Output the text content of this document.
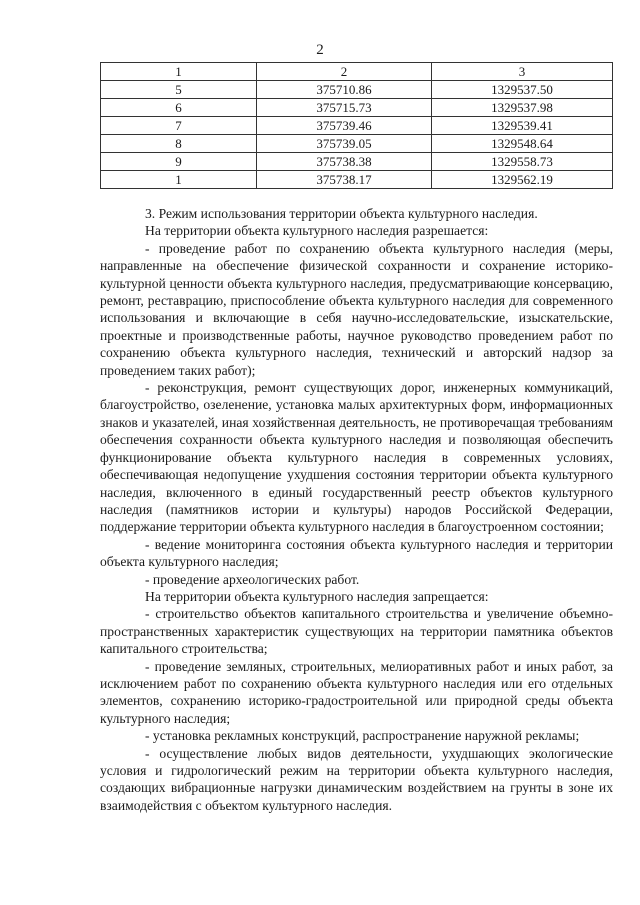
2
1	2	3
5	375710.86	1329537.50
6	375715.73	1329537.98
7	375739.46	1329539.41
8	375739.05	1329548.64
9	375738.38	1329558.73
1	375738.17	1329562.19

3. Режим использования территории объекта культурного наследия.

На территории объекта культурного наследия разрешается:

- проведение работ по сохранению объекта культурного наследия (меры, направленные на обеспечение физической сохранности и сохранение историко-культурной ценности объекта культурного наследия, предусматривающие консервацию, ремонт, реставрацию, приспособление объекта культурного наследия для современного использования и включающие в себя научно-исследовательские, изыскательские, проектные и производственные работы, научное руководство проведением работ по сохранению объекта культурного наследия, технический и авторский надзор за проведением таких работ);

- реконструкция, ремонт существующих дорог, инженерных коммуникаций, благоустройство, озеленение, установка малых архитектурных форм, информационных знаков и указателей, иная хозяйственная деятельность, не противоречащая требованиям обеспечения сохранности объекта культурного наследия и позволяющая обеспечить функционирование объекта культурного наследия в современных условиях, обеспечивающая недопущение ухудшения состояния территории объекта культурного наследия, включенного в единый государственный реестр объектов культурного наследия (памятников истории и культуры) народов Российской Федерации, поддержание территории объекта культурного наследия в благоустроенном состоянии;

- ведение мониторинга состояния объекта культурного наследия и территории объекта культурного наследия;

- проведение археологических работ.

На территории объекта культурного наследия запрещается:

- строительство объектов капитального строительства и увеличение объемно-пространственных характеристик существующих на территории памятника объектов капитального строительства;

- проведение земляных, строительных, мелиоративных работ и иных работ, за исключением работ по сохранению объекта культурного наследия или его отдельных элементов, сохранению историко-градостроительной или природной среды объекта культурного наследия;

- установка рекламных конструкций, распространение наружной рекламы;

- осуществление любых видов деятельности, ухудшающих экологические условия и гидрологический режим на территории объекта культурного наследия, создающих вибрационные нагрузки динамическим воздействием на грунты в зоне их взаимодействия с объектом культурного наследия.
